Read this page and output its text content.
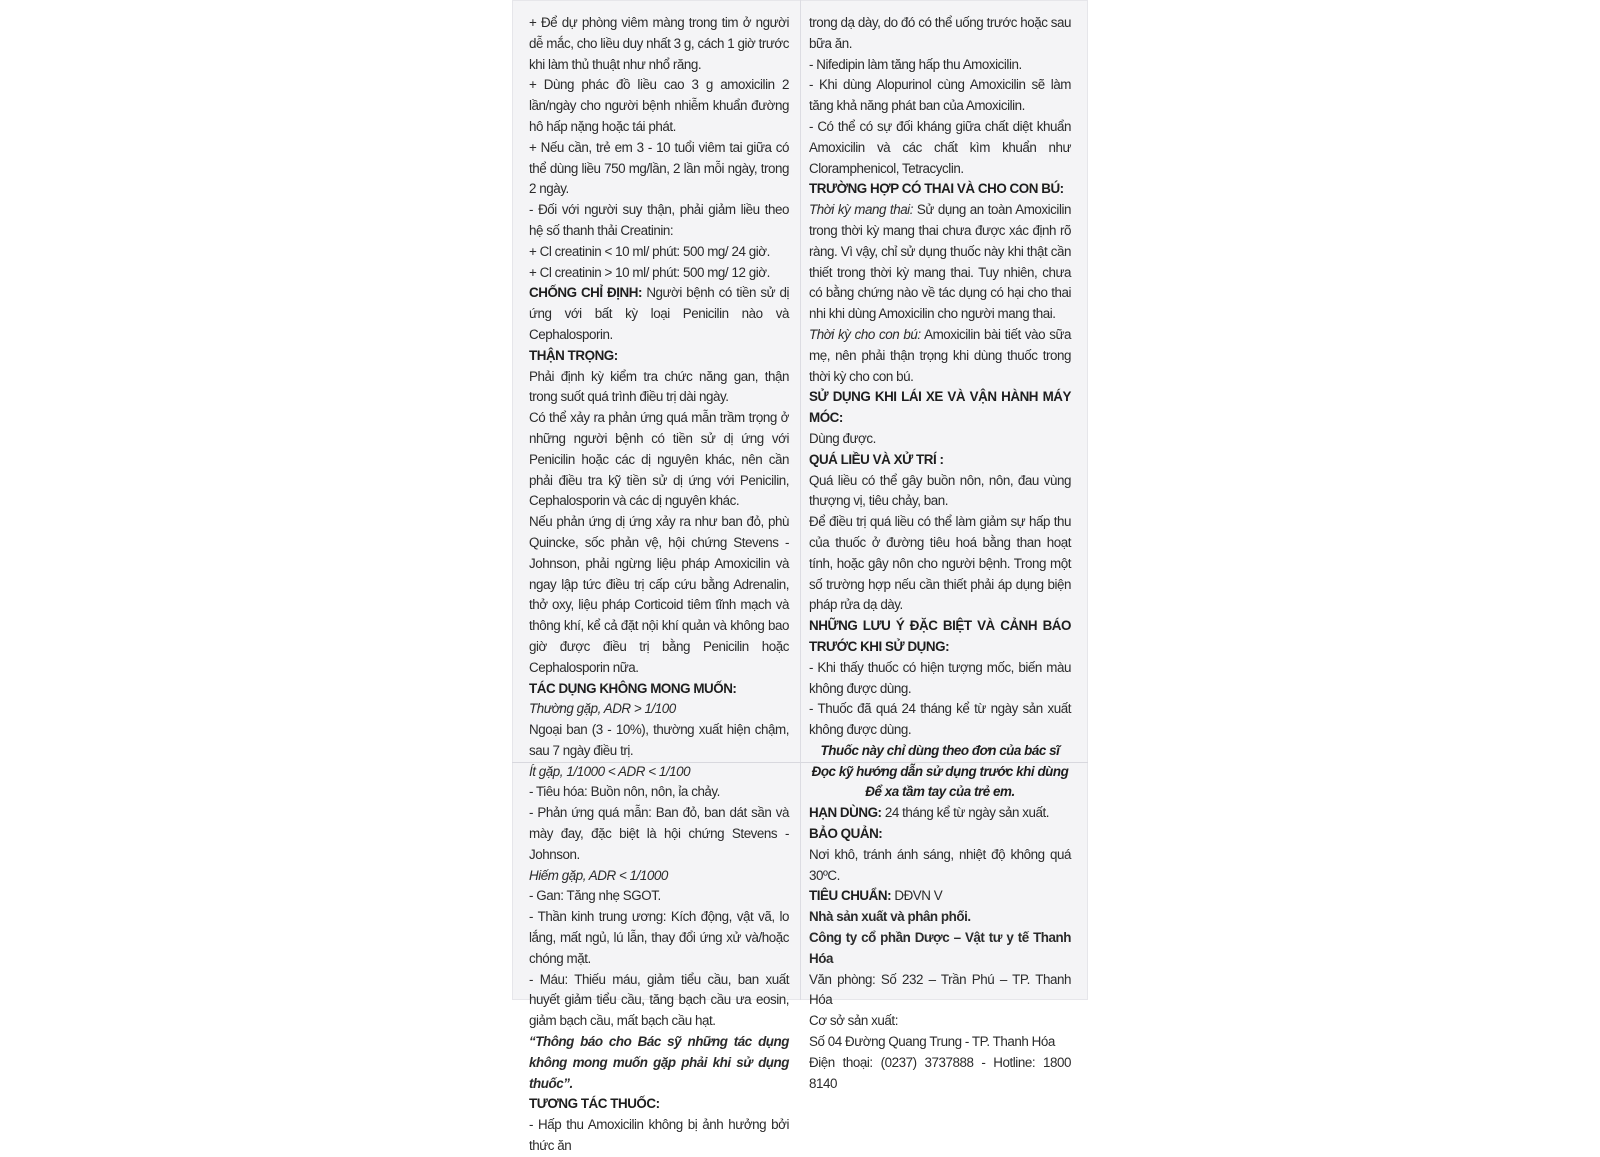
+ Để dự phòng viêm màng trong tim ở người dễ mắc, cho liều duy nhất 3 g, cách 1 giờ trước khi làm thủ thuật như nhổ răng.

+ Dùng phác đồ liều cao 3 g amoxicilin 2 lần/ngày cho người bệnh nhiễm khuẩn đường hô hấp nặng hoặc tái phát.

+ Nếu cần, trẻ em 3 - 10 tuổi viêm tai giữa có thể dùng liều 750 mg/lần, 2 lần mỗi ngày, trong 2 ngày.

- Đối với người suy thận, phải giảm liều theo hệ số thanh thải Creatinin:

+ Cl creatinin < 10 ml/ phút: 500 mg/ 24 giờ.

+ Cl creatinin > 10 ml/ phút: 500 mg/ 12 giờ.

CHỐNG CHỈ ĐỊNH: Người bệnh có tiền sử dị ứng với bất kỳ loại Penicilin nào và Cephalosporin.

THẬN TRỌNG:

Phải định kỳ kiểm tra chức năng gan, thận trong suốt quá trình điều trị dài ngày.

Có thể xảy ra phản ứng quá mẫn trầm trọng ở những người bệnh có tiền sử dị ứng với Penicilin hoặc các dị nguyên khác, nên cần phải điều tra kỹ tiền sử dị ứng với Penicilin, Cephalosporin và các dị nguyên khác.

Nếu phản ứng dị ứng xảy ra như ban đỏ, phù Quincke, sốc phản vệ, hội chứng Stevens - Johnson, phải ngừng liệu pháp Amoxicilin và ngay lập tức điều trị cấp cứu bằng Adrenalin, thở oxy, liệu pháp Corticoid tiêm tĩnh mạch và thông khí, kể cả đặt nội khí quản và không bao giờ được điều trị bằng Penicilin hoặc Cephalosporin nữa.

TÁC DỤNG KHÔNG MONG MUỐN:

Thường gặp, ADR > 1/100

Ngoại ban (3 - 10%), thường xuất hiện chậm, sau 7 ngày điều trị.

Ít gặp, 1/1000 < ADR < 1/100

- Tiêu hóa: Buồn nôn, nôn, ỉa chảy.

- Phản ứng quá mẫn: Ban đỏ, ban dát sần và mày đay, đặc biệt là hội chứng Stevens - Johnson.

Hiếm gặp, ADR < 1/1000

- Gan: Tăng nhẹ SGOT.

- Thần kinh trung ương: Kích động, vật vã, lo lắng, mất ngủ, lú lẫn, thay đổi ứng xử và/hoặc chóng mặt.

- Máu: Thiếu máu, giảm tiểu cầu, ban xuất huyết giảm tiểu cầu, tăng bạch cầu ưa eosin, giảm bạch cầu, mất bạch cầu hạt.

“Thông báo cho Bác sỹ những tác dụng không mong muốn gặp phải khi sử dụng thuốc”.

TƯƠNG TÁC THUỐC:

- Hấp thu Amoxicilin không bị ảnh hưởng bởi thức ăn

trong dạ dày, do đó có thể uống trước hoặc sau bữa ăn.

- Nifedipin làm tăng hấp thu Amoxicilin.

- Khi dùng Alopurinol cùng Amoxicilin sẽ làm tăng khả năng phát ban của Amoxicilin.

- Có thể có sự đối kháng giữa chất diệt khuẩn Amoxicilin và các chất kìm khuẩn như Cloramphenicol, Tetracyclin.

TRƯỜNG HỢP CÓ THAI VÀ CHO CON BÚ:

Thời kỳ mang thai: Sử dụng an toàn Amoxicilin trong thời kỳ mang thai chưa được xác định rõ ràng. Vì vậy, chỉ sử dụng thuốc này khi thật cần thiết trong thời kỳ mang thai. Tuy nhiên, chưa có bằng chứng nào về tác dụng có hại cho thai nhi khi dùng Amoxicilin cho người mang thai.

Thời kỳ cho con bú: Amoxicilin bài tiết vào sữa mẹ, nên phải thận trọng khi dùng thuốc trong thời kỳ cho con bú.

SỬ DỤNG KHI LÁI XE VÀ VẬN HÀNH MÁY MÓC:

Dùng được.

QUÁ LIỀU VÀ XỬ TRÍ :

Quá liều có thể gây buồn nôn, nôn, đau vùng thượng vị, tiêu chảy, ban.

Để điều trị quá liều có thể làm giảm sự hấp thu của thuốc ở đường tiêu hoá bằng than hoạt tính, hoặc gây nôn cho người bệnh. Trong một số trường hợp nếu cần thiết phải áp dụng biện pháp rửa dạ dày.

NHỮNG LƯU Ý ĐẶC BIỆT VÀ CẢNH BÁO TRƯỚC KHI SỬ DỤNG:

- Khi thấy thuốc có hiện tượng mốc, biến màu không được dùng.

- Thuốc đã quá 24 tháng kể từ ngày sản xuất không được dùng.

Thuốc này chỉ dùng theo đơn của bác sĩ

Đọc kỹ hướng dẫn sử dụng trước khi dùng

Để xa tầm tay của trẻ em.

HẠN DÙNG: 24 tháng kể từ ngày sản xuất.

BẢO QUẢN:

Nơi khô, tránh ánh sáng, nhiệt độ không quá 30ºC.

TIÊU CHUẨN: DĐVN V

Nhà sản xuất và phân phối.

Công ty cổ phần Dược – Vật tư y tế Thanh Hóa

Văn phòng: Số 232 – Trần Phú – TP. Thanh Hóa

Cơ sở sản xuất:

Số 04 Đường Quang Trung - TP. Thanh Hóa

Điện thoại: (0237) 3737888 - Hotline: 1800 8140
